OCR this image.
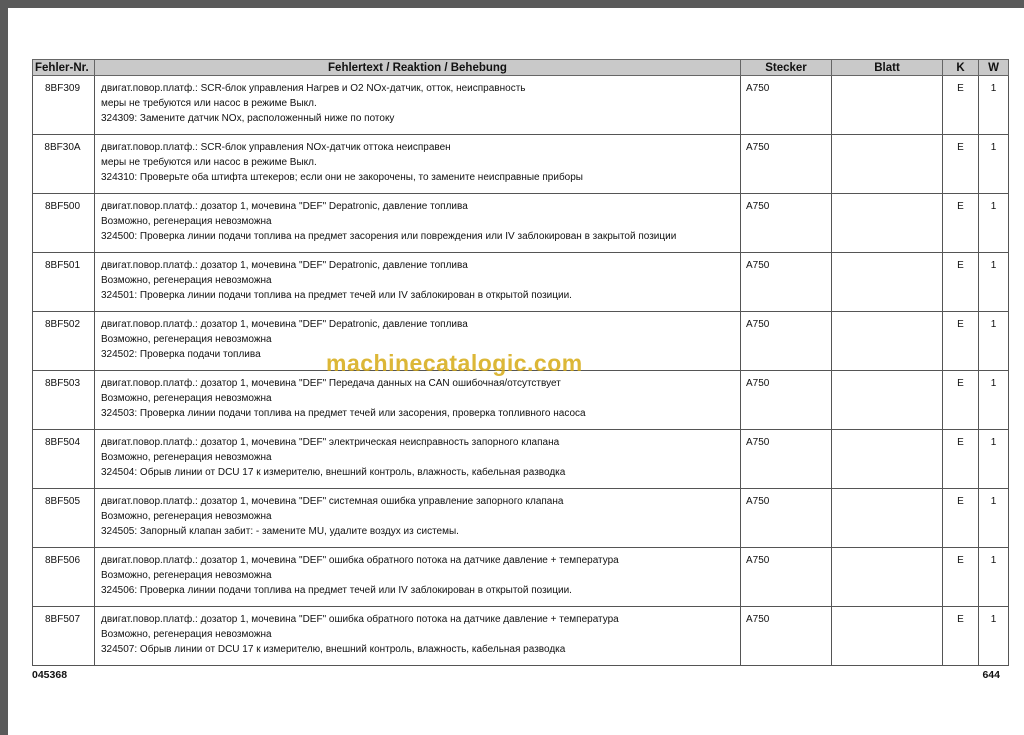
Fehler-Nr.	Fehlertext / Reaktion / Behebung	Stecker	Blatt	K	W
8BF309	двигат.повор.платф.: SCR-блок управления Нагрев и O2 NOx-датчик, отток, неисправность
меры не требуются или насос в режиме Выкл.
324309: Замените датчик NOx, расположенный ниже по потоку	A750		E	1
8BF30A	двигат.повор.платф.: SCR-блок управления NOx-датчик оттока неисправен
меры не требуются или насос в режиме Выкл.
324310: Проверьте оба штифта штекеров; если они не закорочены, то замените неисправные приборы	A750		E	1
8BF500	двигат.повор.платф.: дозатор 1, мочевина "DEF" Depatronic, давление топлива
Возможно, регенерация невозможна
324500: Проверка линии подачи топлива на предмет засорения или повреждения или IV заблокирован в закрытой позиции	A750		E	1
8BF501	двигат.повор.платф.: дозатор 1, мочевина "DEF" Depatronic, давление топлива
Возможно, регенерация невозможна
324501: Проверка линии подачи топлива на предмет течей или IV заблокирован в открытой позиции.	A750		E	1
8BF502	двигат.повор.платф.: дозатор 1, мочевина "DEF" Depatronic, давление топлива
Возможно, регенерация невозможна
324502: Проверка подачи топлива	A750		E	1
8BF503	двигат.повор.платф.: дозатор 1, мочевина "DEF" Передача данных на CAN ошибочная/отсутствует
Возможно, регенерация невозможна
324503: Проверка линии подачи топлива на предмет течей или засорения, проверка топливного насоса	A750		E	1
8BF504	двигат.повор.платф.: дозатор 1, мочевина "DEF" электрическая неисправность запорного клапана
Возможно, регенерация невозможна
324504: Обрыв линии от DCU 17 к измерителю, внешний контроль, влажность, кабельная разводка	A750		E	1
8BF505	двигат.повор.платф.: дозатор 1, мочевина "DEF" системная ошибка управление запорного клапана
Возможно, регенерация невозможна
324505: Запорный клапан забит: - замените MU, удалите воздух из системы.	A750		E	1
8BF506	двигат.повор.платф.: дозатор 1, мочевина "DEF" ошибка обратного потока на датчике давление + температура
Возможно, регенерация невозможна
324506: Проверка линии подачи топлива на предмет течей или IV заблокирован в открытой позиции.	A750		E	1
8BF507	двигат.повор.платф.: дозатор 1, мочевина "DEF" ошибка обратного потока на датчике давление + температура
Возможно, регенерация невозможна
324507: Обрыв линии от DCU 17 к измерителю, внешний контроль, влажность, кабельная разводка	A750		E	1
045368	644
machinecatalogic.com
